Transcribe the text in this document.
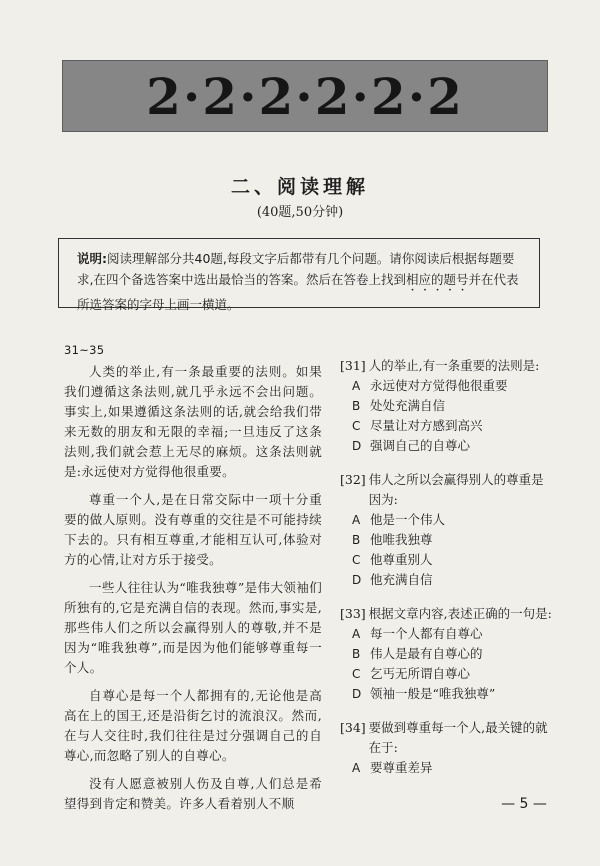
2·2·2·2·2·2
二、阅读理解
(40题,50分钟)
说明:阅读理解部分共40题,每段文字后都带有几个问题。请你阅读后根据每题要求,在四个备选答案中选出最恰当的答案。然后在答卷上找到相应的题号并在代表所选答案的字母上画一横道。
31~35

人类的举止,有一条最重要的法则。如果我们遵循这条法则,就几乎永远不会出问题。事实上,如果遵循这条法则的话,就会给我们带来无数的朋友和无限的幸福;一旦违反了这条法则,我们就会惹上无尽的麻烦。这条法则就是:永远使对方觉得他很重要。

尊重一个人,是在日常交际中一项十分重要的做人原则。没有尊重的交往是不可能持续下去的。只有相互尊重,才能相互认可,体验对方的心情,让对方乐于接受。

一些人往往认为“唯我独尊”是伟大领袖们所独有的,它是充满自信的表现。然而,事实是,那些伟人们之所以会赢得别人的尊敬,并不是因为“唯我独尊”,而是因为他们能够尊重每一个人。

自尊心是每一个人都拥有的,无论他是高高在上的国王,还是沿街乞讨的流浪汉。然而,在与人交往时,我们往往是过分强调自己的自尊心,而忽略了别人的自尊心。

没有人愿意被别人伤及自尊,人们总是希望得到肯定和赞美。许多人看着别人不顺

[31] 人的举止,有一条重要的法则是:
A 永远使对方觉得他很重要
B 处处充满自信
C 尽量让对方感到高兴
D 强调自己的自尊心
[32] 伟人之所以会赢得别人的尊重是因为:
A 他是一个伟人
B 他唯我独尊
C 他尊重别人
D 他充满自信
[33] 根据文章内容,表述正确的一句是:
A 每一个人都有自尊心
B 伟人是最有自尊心的
C 乞丐无所谓自尊心
D 领袖一般是“唯我独尊”
[34] 要做到尊重每一个人,最关键的就在于:
A 要尊重差异
— 5 —
